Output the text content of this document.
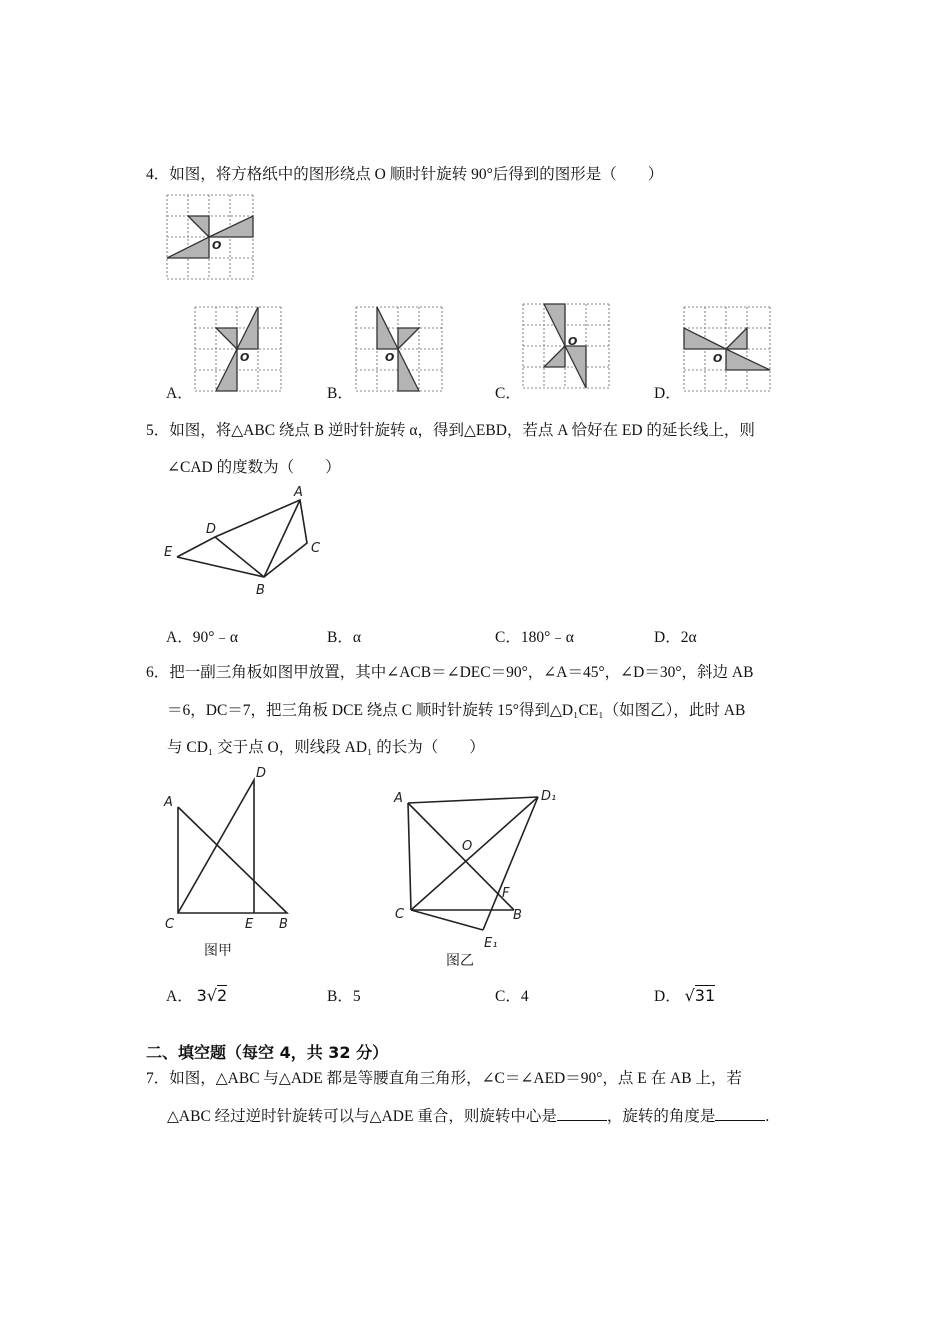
4．如图，将方格纸中的图形绕点 O 顺时针旋转 90°后得到的图形是（　　）
O
A．
O
B．
O
C．
O
D．
O
5．如图，将△ABC 绕点 B 逆时针旋转 α，得到△EBD，若点 A 恰好在 ED 的延长线上，则
∠CAD 的度数为（　　）
A
B
C
D
E
A．90°﹣α	B．α	C．180°﹣α	D．2α
6．把一副三角板如图甲放置，其中∠ACB＝∠DEC＝90°，∠A＝45°，∠D＝30°，斜边 AB
＝6，DC＝7，把三角板 DCE 绕点 C 顺时针旋转 15°得到△D₁CE₁（如图乙），此时 AB
与 CD₁ 交于点 O，则线段 AD₁ 的长为（　　）
A
B
C
D
E
图甲
A
B
C
D₁
E₁
O
F
图乙
A． 3√2	B．5	C．4	D． √31
二、填空题（每空 4，共 32 分）
7．如图，△ABC 与△ADE 都是等腰直角三角形，∠C＝∠AED＝90°，点 E 在 AB 上，若
△ABC 经过逆时针旋转可以与△ADE 重合，则旋转中心是	，旋转的角度是	.
